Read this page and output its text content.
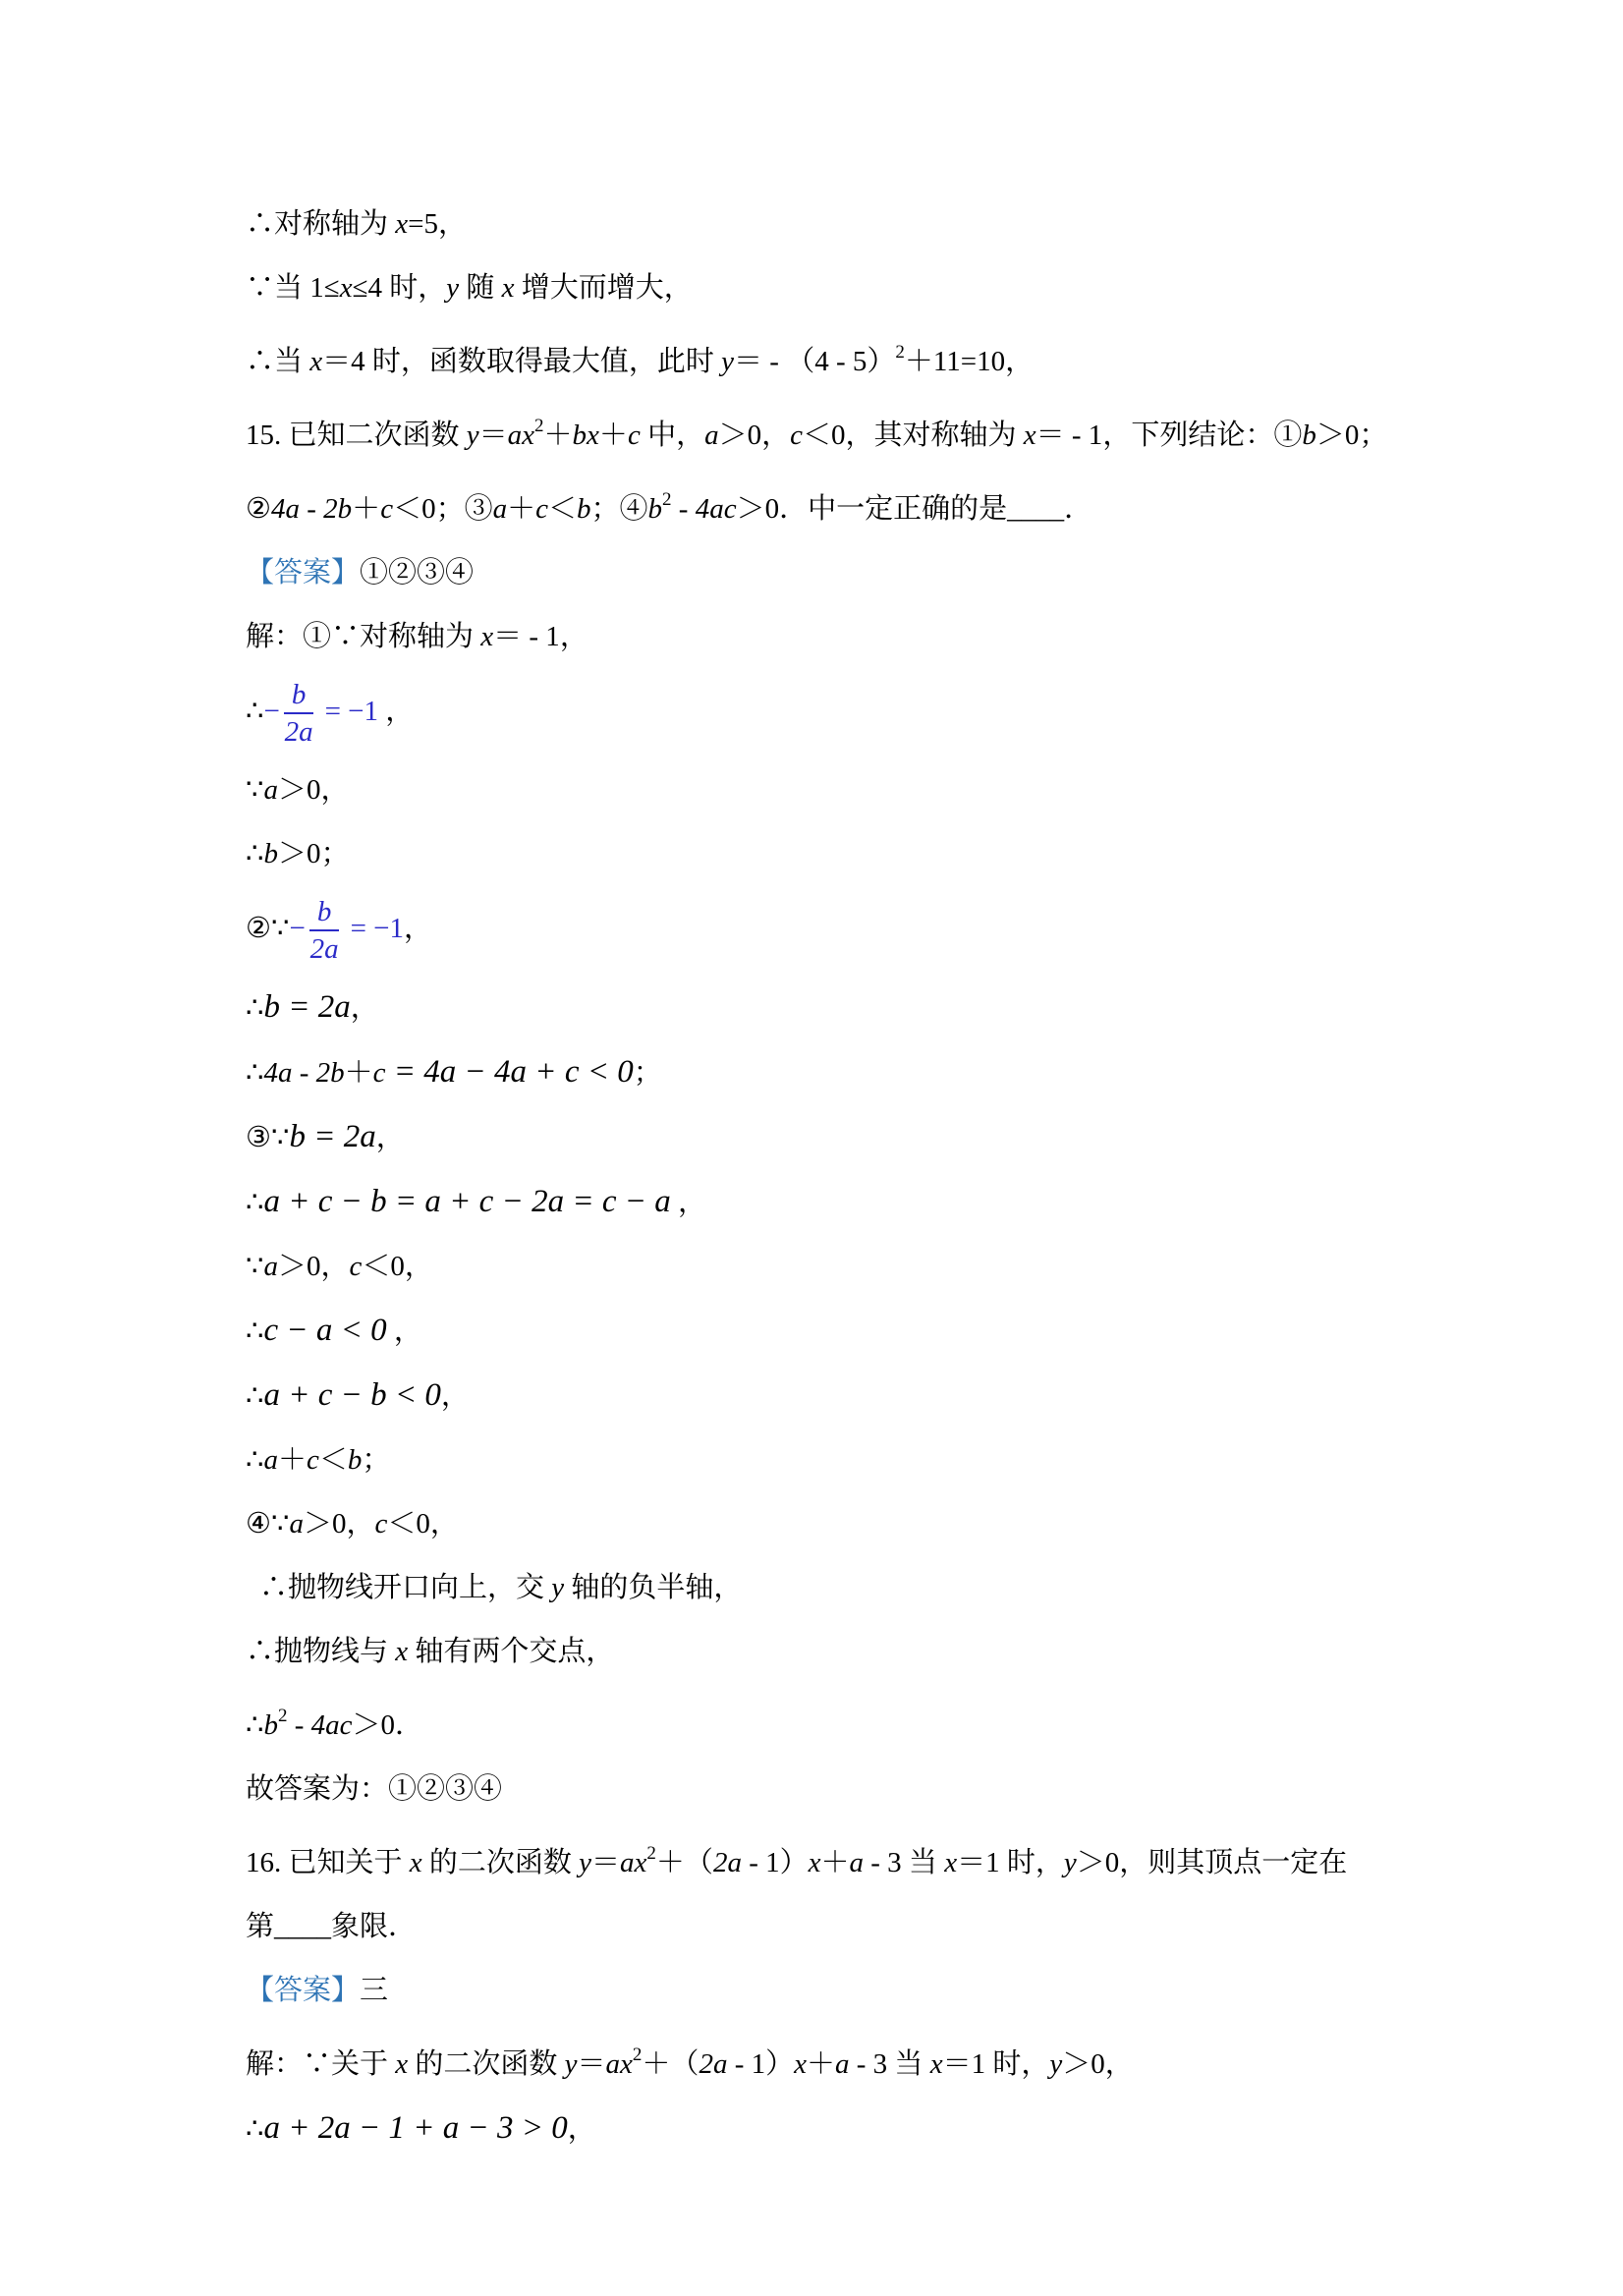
∴对称轴为 x=5，
∵当 1≤x≤4 时，y 随 x 增大而增大，
∴当 x＝4 时，函数取得最大值，此时 y＝ - （4 - 5）$^2$＋11=10，
15. 已知二次函数 $y=ax^2+bx+c$ 中，a＞0，c＜0，其对称轴为 x＝ - 1，下列结论：①b＞0；
②4a - 2b＋c＜0；③a＋c＜b；$④b^2 - 4ac>0$．中一定正确的是____．
【答案】①②③④
解：①∵对称轴为 x＝ - 1，
∴− $\frac{b}{2a} = -1$ ，
∵a＞0，
∴b＞0；
②∵− $\frac{b}{2a} = -1$，
∴b = 2a，
∴4a - 2b＋c = 4a − 4a + c < 0；
③∵b = 2a，
∴a + c − b = a + c − 2a = c − a ，
∵a＞0，c＜0，
∴c − a < 0 ，
∴a + c − b < 0，
∴a＋c＜b；
④∵a＞0，c＜0，
∴抛物线开口向上，交 y 轴的负半轴，
∴抛物线与 x 轴有两个交点，
$\therefore b^2 - 4ac>0$．
故答案为：①②③④
16. 已知关于 x 的二次函数 $y=ax^2+(2a - 1)x+a - 3$ 当 x＝1 时，y＞0，则其顶点一定在
第____象限．
【答案】三
解：∵关于 x 的二次函数 $y=ax^2+(2a - 1)x+a - 3$ 当 x＝1 时，y＞0，
∴a + 2a − 1 + a − 3 > 0，
